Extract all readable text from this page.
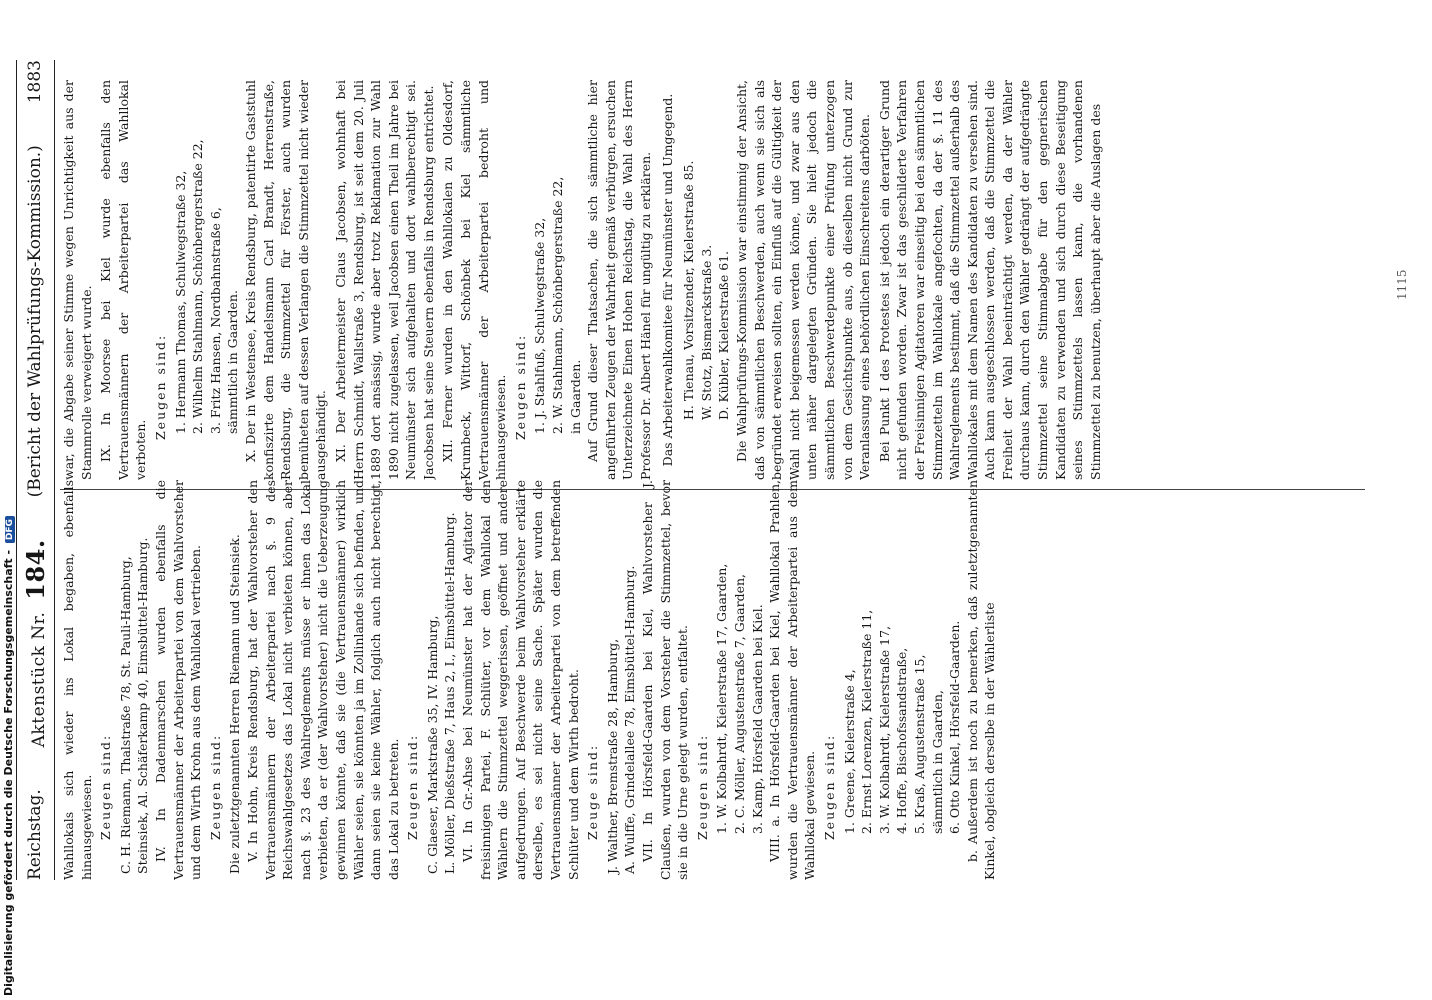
Reichstag.
Aktenstück Nr. 184.
(Bericht der Wahlprüfungs-Kommission.)
1883

Wahllokals sich wieder ins Lokal begaben, ebenfalls hinausgewiesen. Zeugen sind: C. H. Riemann, Thalstraße 78, St. Pauli-Hamburg, Steinsiek, Al. Schäferkamp 40, Eimsbüttel-Hamburg. IV. In Dadenmarschen wurden ebenfalls die Vertrauensmänner der Arbeiterpartei von dem Wahlvorsteher und dem Wirth Krohn aus dem Wahllokal vertrieben. Zeugen sind: Die zuletztgenannten Herren Riemann und Steinsiek. V. In Hohn, Kreis Rendsburg, hat der Wahlvorsteher den Vertrauensmännern der Arbeiterpartei nach §. 9 des Reichswahlgesetzes das Lokal nicht verbieten können, aber nach §. 23 des Wahlreglements müsse er ihnen das Lokal verbieten, da er (der Wahlvorsteher) nicht die Ueberzeugung gewinnen könnte, daß sie (die Vertrauensmänner) wirklich Wähler seien, sie könnten ja im Zollinlande sich befinden, und dann seien sie keine Wähler, folglich auch nicht berechtigt, das Lokal zu betreten. Zeugen sind: C. Glaeser, Markstraße 35, IV. Hamburg, L. Möller, Dießstraße 7, Haus 2, I., Eimsbüttel-Hamburg. VI. In Gr.-Ahse bei Neumünster hat der Agitator der freisinnigen Partei, F. Schlüter, vor dem Wahllokal den Wählern die Stimmzettel weggerissen, geöffnet und andere aufgedrungen. Auf Beschwerde beim Wahlvorsteher erklärte derselbe, es sei nicht seine Sache. Später wurden die Vertrauensmänner der Arbeiterpartei von dem betreffenden Schlüter und dem Wirth bedroht. Zeuge sind: J. Walther, Bremstraße 28, Hamburg, A. Wulffe, Grindelallee 78, Eimsbüttel-Hamburg. VII. In Hörsfeld-Gaarden bei Kiel, Wahlvorsteher J. Claußen, wurden von dem Vorsteher die Stimmzettel, bevor sie in die Urne gelegt wurden, entfaltet. Zeugen sind: 1. W. Kolbahrdt, Kielerstraße 17, Gaarden, 2. C. Möller, Augustenstraße 7, Gaarden, 3. Kamp, Hörsfeld Gaarden bei Kiel. VIII. a. In Hörsfeld-Gaarden bei Kiel, Wahllokal Prahlen, wurden die Vertrauensmänner der Arbeiterpartei aus dem Wahllokal gewiesen. Zeugen sind: 1. Greene, Kielerstraße 4, 2. Ernst Lorenzen, Kielerstraße 11, 3. W. Kolbahrdt, Kielerstraße 17, 4. Hoffe, Bischofssandstraße, 5. Kraß, Augustenstraße 15, sämmtlich in Gaarden, 6. Otto Kinkel, Hörsfeld-Gaarden. b. Außerdem ist noch zu bemerken, daß zuletztgenannten Kinkel, obgleich derselbe in der Wählerliste

war, die Abgabe seiner Stimme wegen Unrichtigkeit aus der Stammrolle verweigert wurde. IX. In Moorsee bei Kiel wurde ebenfalls den Vertrauensmännern der Arbeiterpartei das Wahllokal verboten.

Zeugen sind: 1. Hermann Thomas, Schulwegstraße 32, 2. Wilhelm Stahlmann, Schönbergerstraße 22, 3. Fritz Hansen, Nordbahnstraße 6, sämmtlich in Gaarden. X. Der in Westensee, Kreis Rendsburg, patentirte Gaststuhl konfiszirte dem Handelsmann Carl Brandt, Herrenstraße, Rendsburg, die Stimmzettel für Förster, auch wurden bemüheten auf dessen Verlangen die Stimmzettel nicht wieder ausgehändigt. XI. Der Arbeitermeister Claus Jacobsen, wohnhaft bei Herrn Schmidt, Wallstraße 3, Rendsburg, ist seit dem 20. Juli 1889 dort ansässig, wurde aber trotz Reklamation zur Wahl 1890 nicht zugelassen, weil Jacobsen einen Theil im Jahre bei Neumünster sich aufgehalten und dort wahlberechtigt sei. Jacobsen hat seine Steuern ebenfalls in Rendsburg entrichtet. XII. Ferner wurden in den Wahllokalen zu Oldesdorf, Krumbeck, Wittorf, Schönbek bei Kiel sämmtliche Vertrauensmänner der Arbeiterpartei bedroht und hinausgewiesen. Zeugen sind: 1. J. Stahlfuß, Schulwegstraße 32, 2. W. Stahlmann, Schönbergerstraße 22, in Gaarden. Auf Grund dieser Thatsachen, die sich sämmtliche hier angeführten Zeugen der Wahrheit gemäß verbürgen, ersuchen Unterzeichnete Einen Hohen Reichstag, die Wahl des Herrn Professor Dr. Albert Hänel für ungültig zu erklären. Das Arbeiterwahlkomitee für Neumünster und Umgegend. H. Tienau, Vorsitzender, Kielerstraße 85. W. Stotz, Bismarckstraße 3. D. Kübler, Kielerstraße 61. Die Wahlprüfungs-Kommission war einstimmig der Ansicht, daß von sämmtlichen Beschwerden, auch wenn sie sich als begründet erweisen sollten, ein Einfluß auf die Gültigkeit der Wahl nicht beigemessen werden könne, und zwar aus den unten näher dargelegten Gründen. Sie hielt jedoch die sämmtlichen Beschwerdepunkte einer Prüfung unterzogen von dem Gesichtspunkte aus, ob dieselben nicht Grund zur Veranlassung eines behördlichen Einschreitens darböten. Bei Punkt I des Protestes ist jedoch ein derartiger Grund nicht gefunden worden. Zwar ist das geschilderte Verfahren der Freisinnigen Agitatoren war einseitig bei den sämmtlichen Stimmzetteln im Wahllokale angefochten, da der §. 11 des Wahlreglements bestimmt, daß die Stimmzettel außerhalb des Wahllokales mit dem Namen des Kandidaten zu versehen sind. Auch kann ausgeschlossen werden, daß die Stimmzettel die Freiheit der Wahl beeinträchtigt werden, da der Wähler durchaus kann, durch den Wähler gedrängt der aufgedrängte Stimmzettel seine Stimmabgabe für den gegnerischen Kandidaten zu verwenden und sich durch diese Beseitigung seines Stimmzettels lassen kann, die vorhandenen Stimmzettel zu benutzen, überhaupt aber die Auslagen des	1115
Digitalisierung gefördert durch die Deutsche Forschungsgemeinschaft - DFG
